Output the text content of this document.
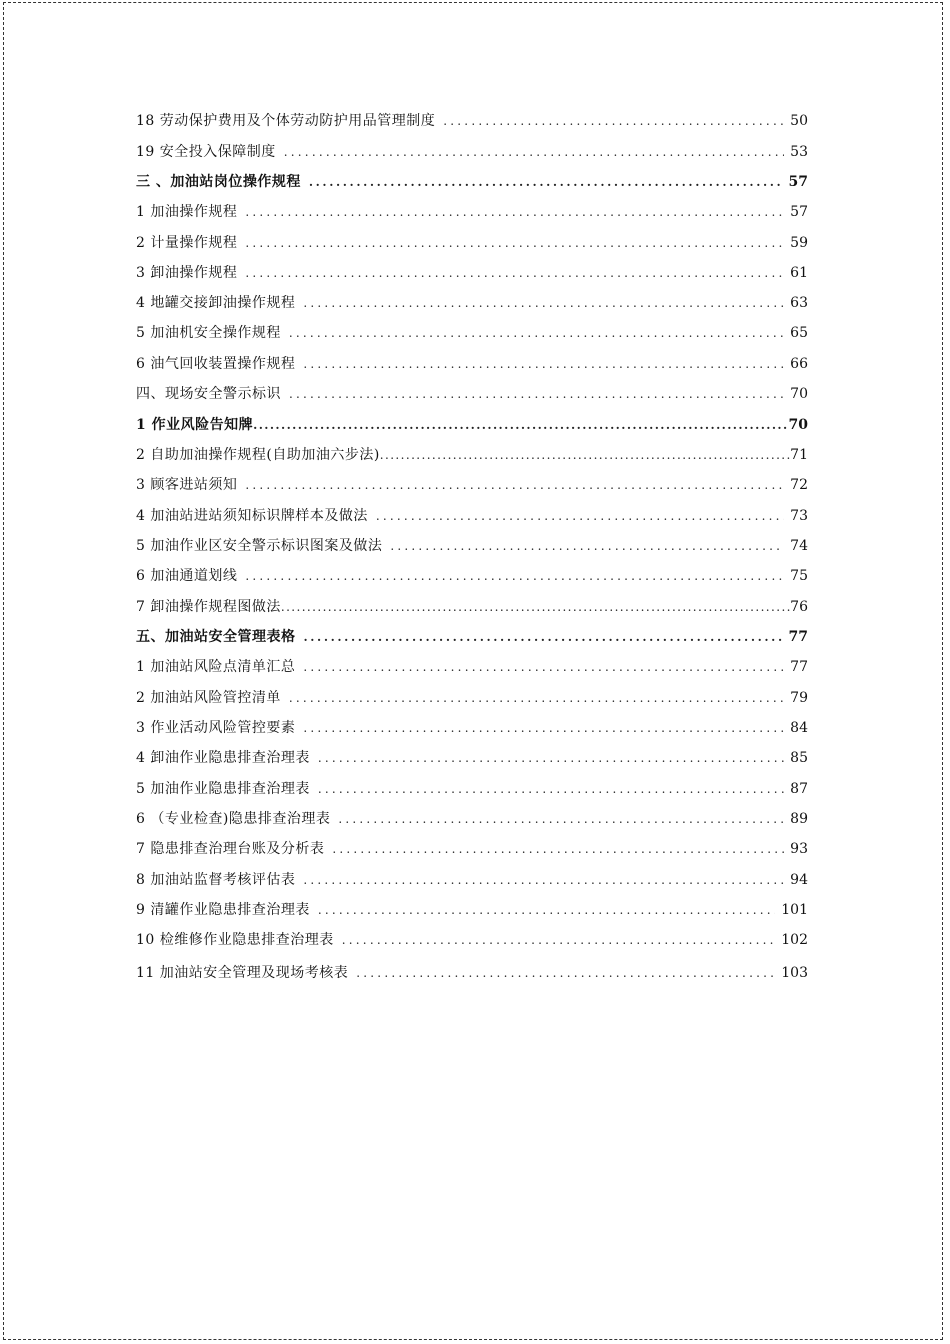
18 劳动保护费用及个体劳动防护用品管理制度 .....	50
19 安全投入保障制度 .....	53
三 、加油站岗位操作规程 .....	57
1 加油操作规程 .....	57
2 计量操作规程 .....	59
3 卸油操作规程 .....	61
4 地罐交接卸油操作规程 .....	63
5 加油机安全操作规程 .....	65
6 油气回收装置操作规程 .....	66
四、现场安全警示标识 .....	70
1 作业风险告知牌 .....	70
2 自助加油操作规程(自助加油六步法) .....	71
3 顾客进站须知 .....	72
4 加油站进站须知标识牌样本及做法 .....	73
5 加油作业区安全警示标识图案及做法 .....	74
6 加油通道划线 .....	75
7 卸油操作规程图做法 .....	76
五、加油站安全管理表格 .....	77
1 加油站风险点清单汇总 .....	77
2 加油站风险管控清单 .....	79
3 作业活动风险管控要素 .....	84
4 卸油作业隐患排查治理表 .....	85
5 加油作业隐患排查治理表 .....	87
6 （专业检查)隐患排查治理表 .....	89
7 隐患排查治理台账及分析表 .....	93
8 加油站监督考核评估表 .....	94
9 清罐作业隐患排查治理表 .....	101
10 检维修作业隐患排查治理表 .....	102
11 加油站安全管理及现场考核表 .....	103
